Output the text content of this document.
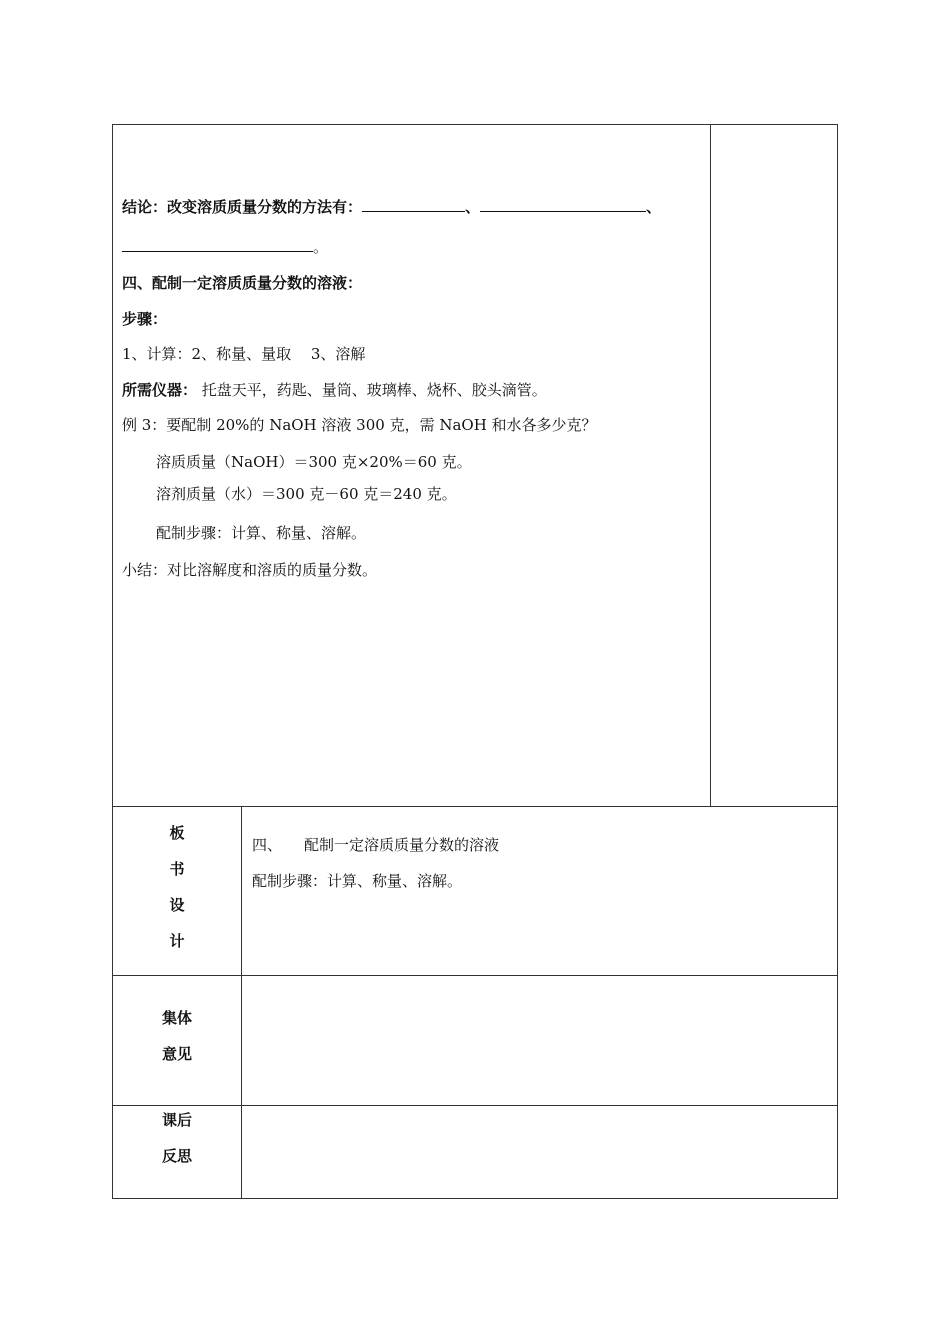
结论：改变溶质质量分数的方法有：	、	、
。
四、配制一定溶质质量分数的溶液：
步骤：
1、计算：2、称量、量取　 3、溶解
所需仪器： 托盘天平，药匙、量筒、玻璃棒、烧杯、胶头滴管。
例 3：要配制 20%的 NaOH 溶液 300 克，需 NaOH 和水各多少克？
溶质质量（NaOH）＝300 克×20%＝60 克。
溶剂质量（水）＝300 克－60 克＝240 克。
配制步骤：计算、称量、溶解。
小结：对比溶解度和溶质的质量分数。
板
书
设
计
四、 配制一定溶质质量分数的溶液
配制步骤：计算、称量、溶解。
集体
意见
课后
反思
